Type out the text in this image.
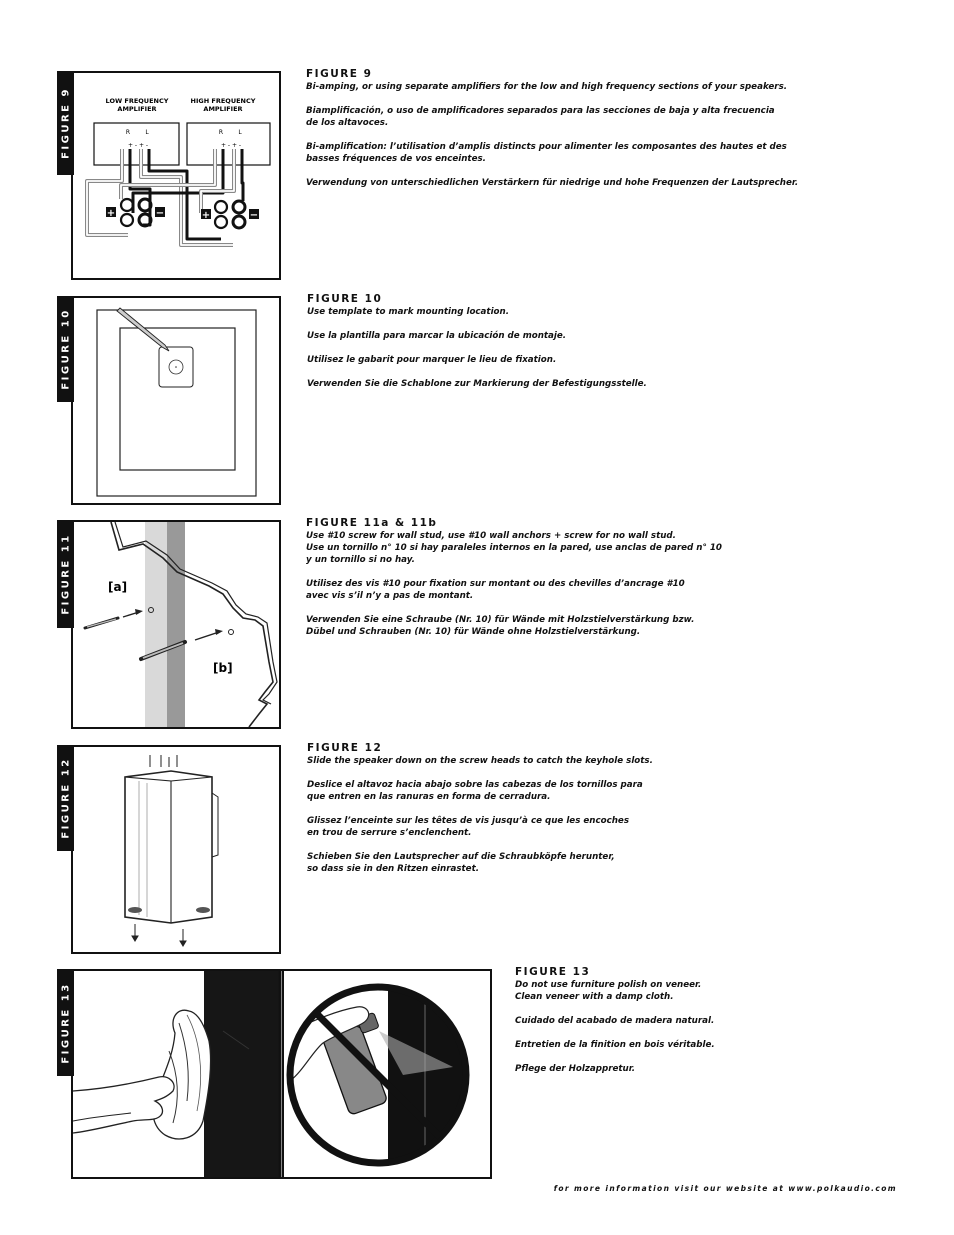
LOW FREQUENCY
AMPLIFIER
HIGH FREQUENCY
AMPLIFIER
R	L	R	L
+ - + -	+ - + -
+	−	+	−
FIGURE 9
FIGURE 9

Bi-amping, or using separate amplifiers for the low and high frequency sections of your speakers.

Biamplificación, o uso de amplificadores separados para las secciones de baja y alta frecuencia
de los altavoces.

Bi-amplification: l’utilisation d’amplis distincts pour alimenter les composantes des hautes et des
basses fréquences de vos enceintes.

Verwendung von unterschiedlichen Verstärkern für niedrige und hohe Frequenzen der Lautsprecher.

FIGURE 10
FIGURE 10

Use template to mark mounting location.

Use la plantilla para marcar la ubicación de montaje.

Utilisez le gabarit pour marquer le lieu de fixation.

Verwenden Sie die Schablone zur Markierung der Befestigungsstelle.

[a]
[b]
FIGURE 11
FIGURE 11a & 11b

Use #10 screw for wall stud, use #10 wall anchors + screw for no wall stud.
Use un tornillo n° 10 si hay paraleles internos en la pared, use anclas de pared n° 10
y un tornillo si no hay.

Utilisez des vis #10 pour fixation sur montant ou des chevilles d’ancrage #10
avec vis s’il n’y a pas de montant.

Verwenden Sie eine Schraube (Nr. 10) für Wände mit Holzstielverstärkung bzw.
Dübel und Schrauben (Nr. 10) für Wände ohne Holzstielverstärkung.

FIGURE 12
FIGURE 12

Slide the speaker down on the screw heads to catch the keyhole slots.

Deslice el altavoz hacia abajo sobre las cabezas de los tornillos para
que entren en las ranuras en forma de cerradura.

Glissez l’enceinte sur les têtes de vis jusqu’à ce que les encoches
en trou de serrure s’enclenchent.

Schieben Sie den Lautsprecher auf die Schraubköpfe herunter,
so dass sie in den Ritzen einrastet.

FIGURE 13
FIGURE 13

Do not use furniture polish on veneer.
Clean veneer with a damp cloth.

Cuidado del acabado de madera natural.

Entretien de la finition en bois véritable.

Pflege der Holzappretur.

for more information visit our website at www.polkaudio.com
